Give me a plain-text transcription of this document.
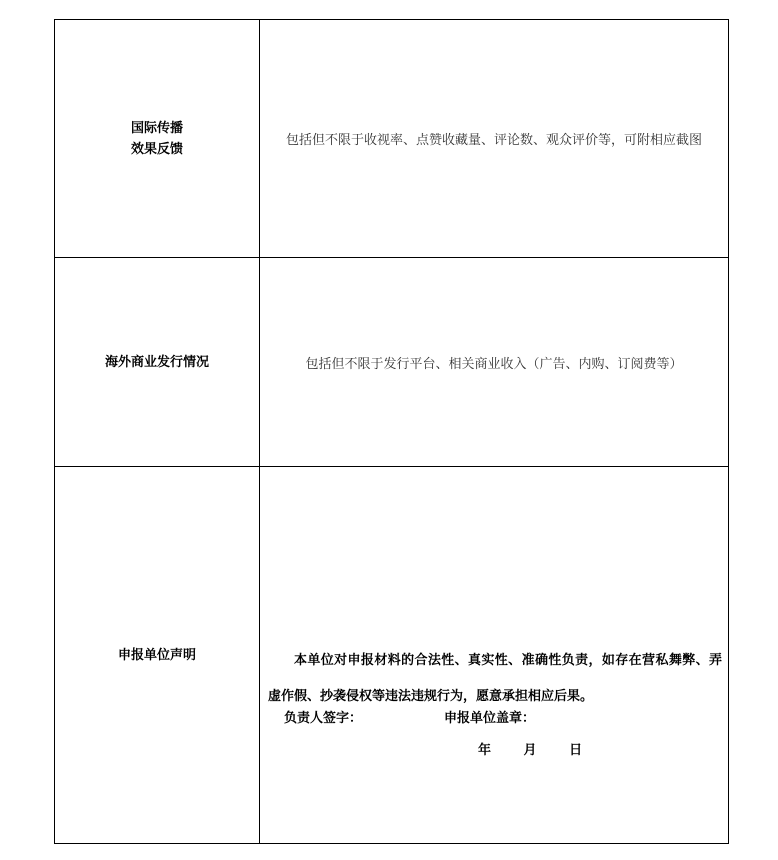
国际传播
效果反馈	包括但不限于收视率、点赞收藏量、评论数、观众评价等，可附相应截图

海外商业发行情况	包括但不限于发行平台、相关商业收入（广告、内购、订阅费等）

申报单位声明	本单位对申报材料的合法性、真实性、准确性负责，如存在营私舞弊、弄虚作假、抄袭侵权等违法违规行为，愿意承担相应后果。

负责人签字： 申报单位盖章：
年 月 日
